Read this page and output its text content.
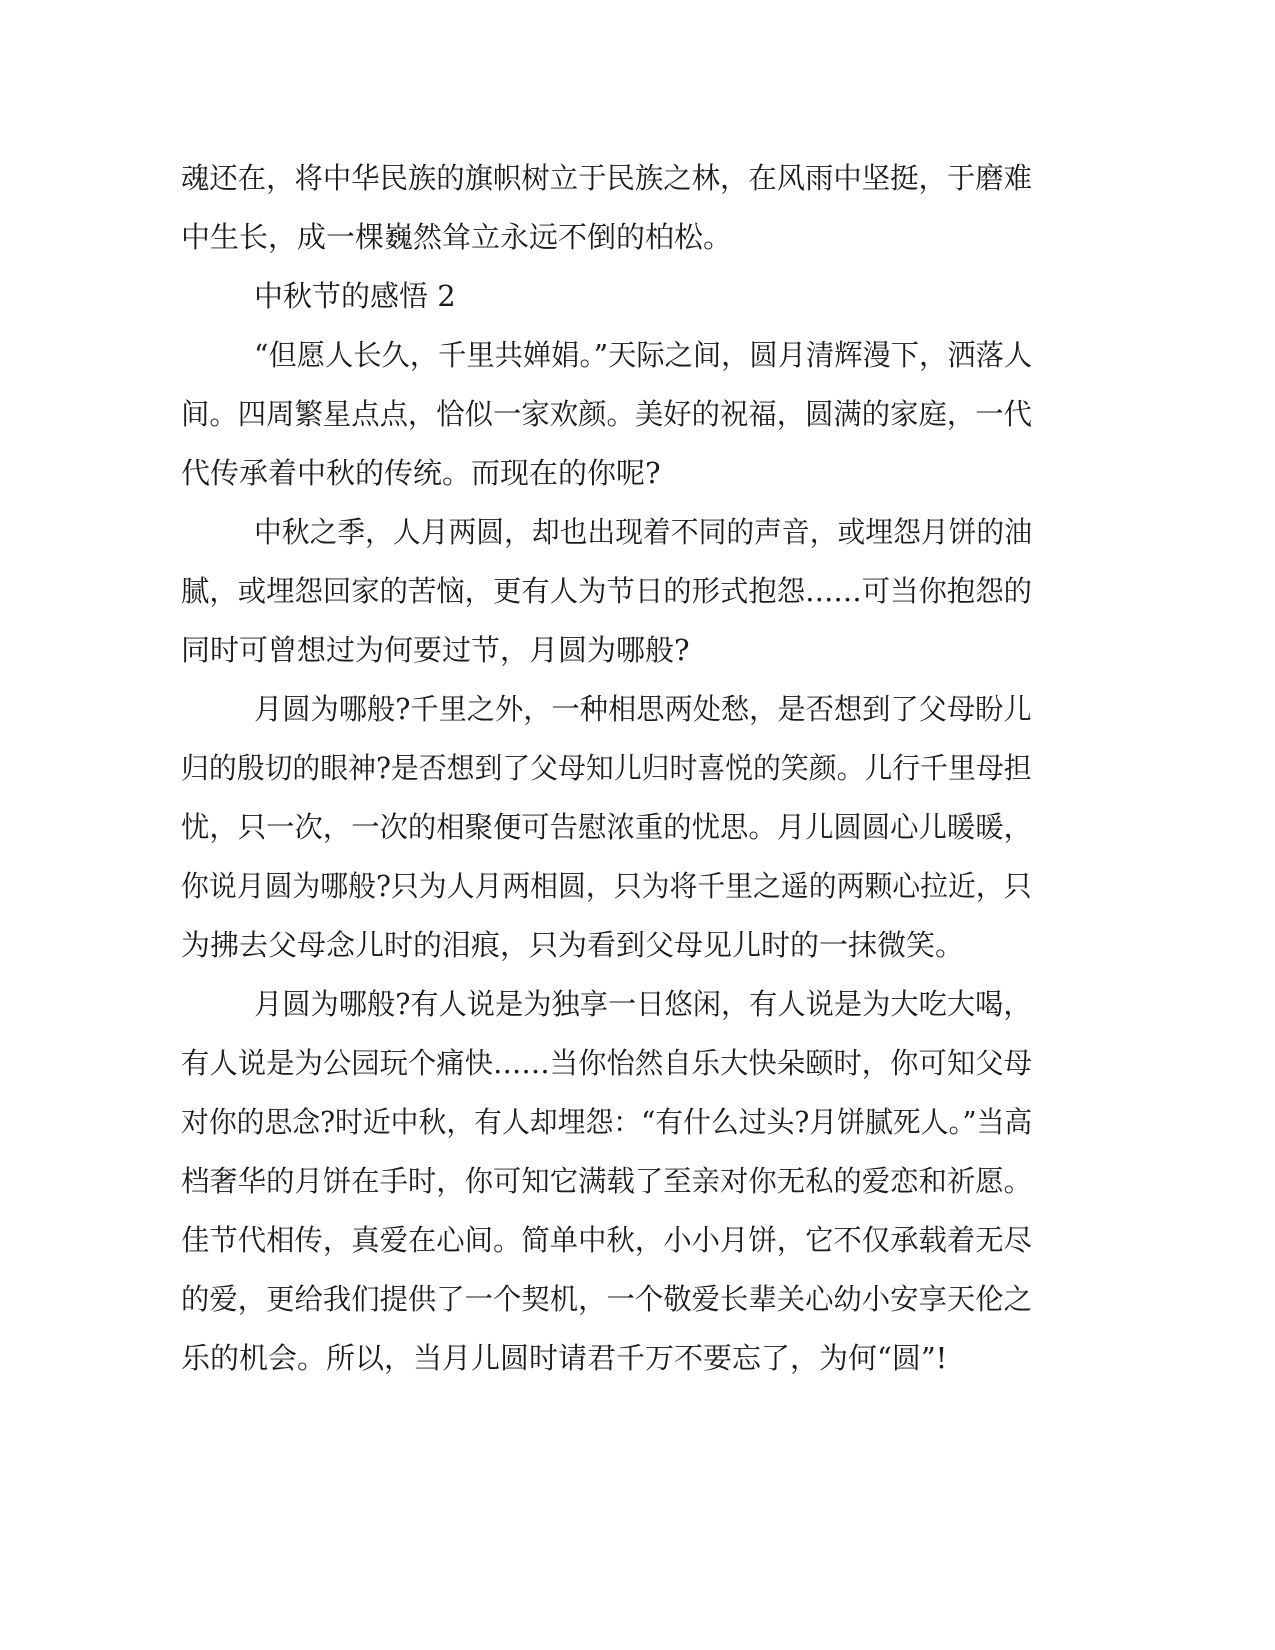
魂还在，将中华民族的旗帜树立于民族之林，在风雨中坚挺，于磨难
中生长，成一棵巍然耸立永远不倒的柏松。
中秋节的感悟 2
“但愿人长久，千里共婵娟。”天际之间，圆月清辉漫下，洒落人
间。四周繁星点点，恰似一家欢颜。美好的祝福，圆满的家庭，一代
代传承着中秋的传统。而现在的你呢?
中秋之季，人月两圆，却也出现着不同的声音，或埋怨月饼的油
腻，或埋怨回家的苦恼，更有人为节日的形式抱怨……可当你抱怨的
同时可曾想过为何要过节，月圆为哪般?
月圆为哪般?千里之外，一种相思两处愁，是否想到了父母盼儿
归的殷切的眼神?是否想到了父母知儿归时喜悦的笑颜。儿行千里母担
忧，只一次，一次的相聚便可告慰浓重的忧思。月儿圆圆心儿暖暖，
你说月圆为哪般?只为人月两相圆，只为将千里之遥的两颗心拉近，只
为拂去父母念儿时的泪痕，只为看到父母见儿时的一抹微笑。
月圆为哪般?有人说是为独享一日悠闲，有人说是为大吃大喝，
有人说是为公园玩个痛快……当你怡然自乐大快朵颐时，你可知父母
对你的思念?时近中秋，有人却埋怨：“有什么过头?月饼腻死人。”当高
档奢华的月饼在手时，你可知它满载了至亲对你无私的爱恋和祈愿。
佳节代相传，真爱在心间。简单中秋，小小月饼，它不仅承载着无尽
的爱，更给我们提供了一个契机，一个敬爱长辈关心幼小安享天伦之
乐的机会。所以，当月儿圆时请君千万不要忘了，为何“圆”!
